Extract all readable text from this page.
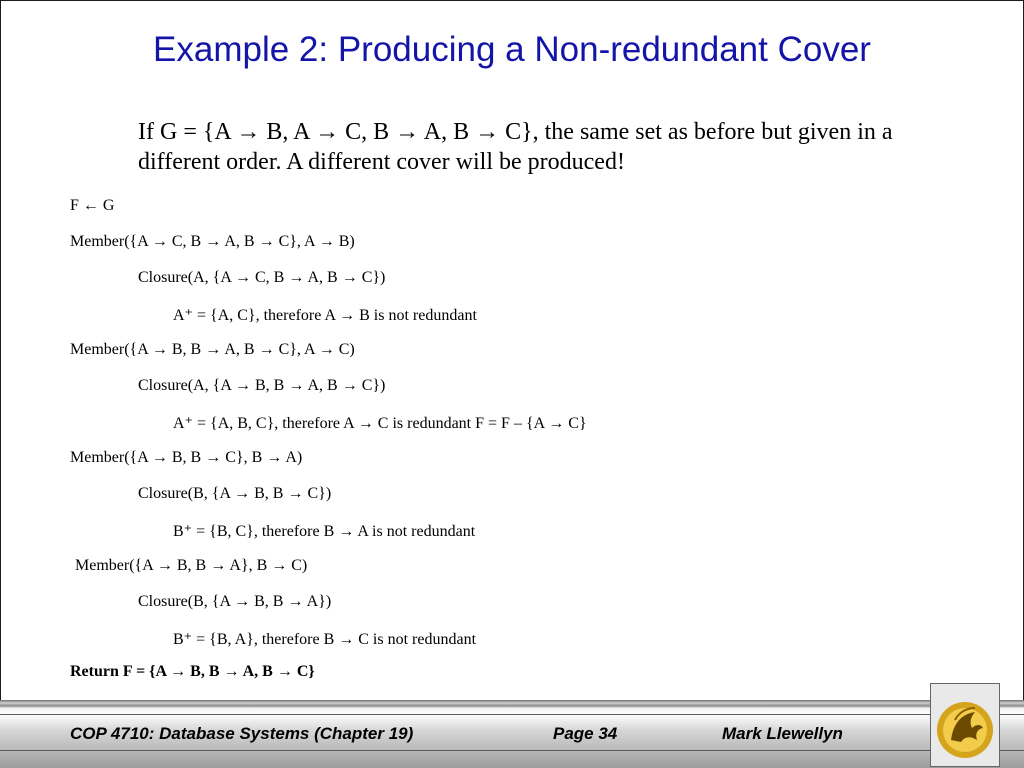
Example 2: Producing a Non-redundant Cover
If G = {A → B, A → C, B → A, B → C}, the same set as before but given in a different order. A different cover will be produced!
F ← G
Member({A → C, B → A, B → C}, A → B)
Closure(A, {A → C, B → A, B → C})
A⁺ = {A, C}, therefore A → B is not redundant
Member({A → B, B → A, B → C}, A → C)
Closure(A, {A → B, B → A, B → C})
A⁺ = {A, B, C}, therefore A → C is redundant F = F – {A → C}
Member({A → B, B → C}, B → A)
Closure(B, {A → B, B → C})
B⁺ = {B, C}, therefore B → A is not redundant
Member({A → B, B → A}, B → C)
Closure(B, {A → B, B → A})
B⁺ = {B, A}, therefore B → C is not redundant
Return F = {A → B, B → A, B → C}
COP 4710: Database Systems (Chapter 19)	Page 34	Mark Llewellyn
